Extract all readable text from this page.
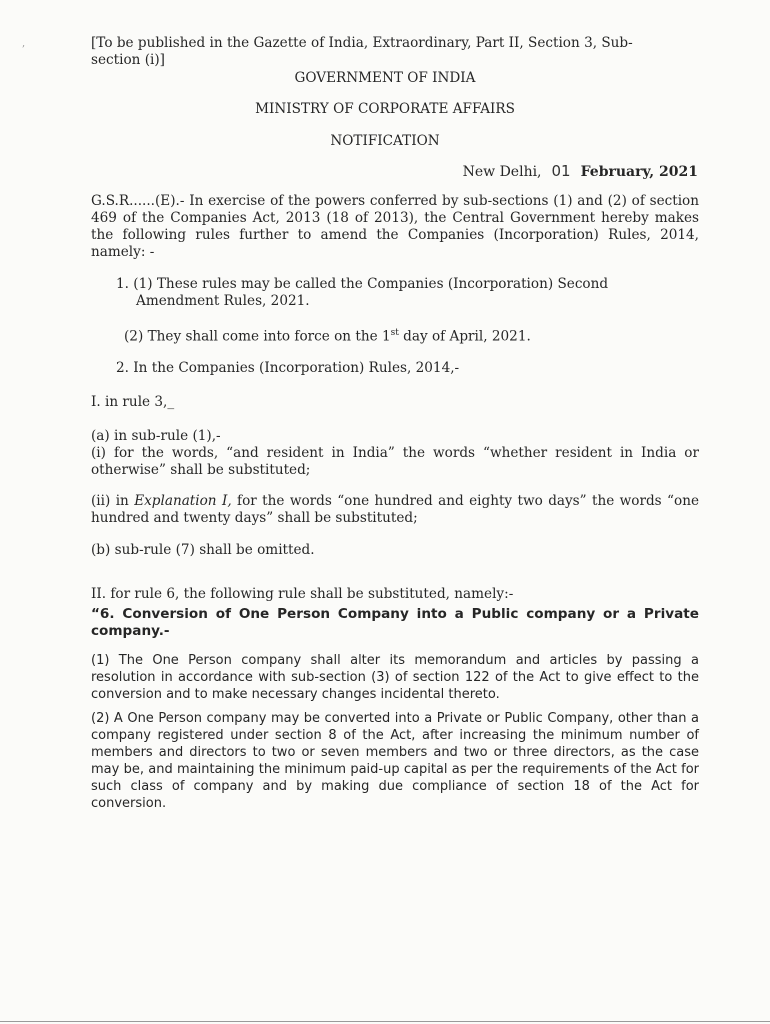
,	[To be published in the Gazette of India, Extraordinary, Part II, Section 3, Sub-

section (i)]

GOVERNMENT OF INDIA

MINISTRY OF CORPORATE AFFAIRS

NOTIFICATION

New Delhi, 01 February, 2021

G.S.R......(E).- In exercise of the powers conferred by sub-sections (1) and (2) of section 469 of the Companies Act, 2013 (18 of 2013), the Central Government hereby makes the following rules further to amend the Companies (Incorporation) Rules, 2014, namely: -

1. (1) These rules may be called the Companies (Incorporation) Second

Amendment Rules, 2021.

(2) They shall come into force on the 1st day of April, 2021.

2. In the Companies (Incorporation) Rules, 2014,-

I. in rule 3,_

(a) in sub-rule (1),-

(i) for the words, “and resident in India” the words “whether resident in India or otherwise” shall be substituted;

(ii) in Explanation I, for the words “one hundred and eighty two days” the words “one hundred and twenty days” shall be substituted;

(b) sub-rule (7) shall be omitted.

II. for rule 6, the following rule shall be substituted, namely:-

“6. Conversion of One Person Company into a Public company or a Private company.-

(1) The One Person company shall alter its memorandum and articles by passing a resolution in accordance with sub-section (3) of section 122 of the Act to give effect to the conversion and to make necessary changes incidental thereto.

(2) A One Person company may be converted into a Private or Public Company, other than a company registered under section 8 of the Act, after increasing the minimum number of members and directors to two or seven members and two or three directors, as the case may be, and maintaining the minimum paid-up capital as per the requirements of the Act for such class of company and by making due compliance of section 18 of the Act for conversion.
